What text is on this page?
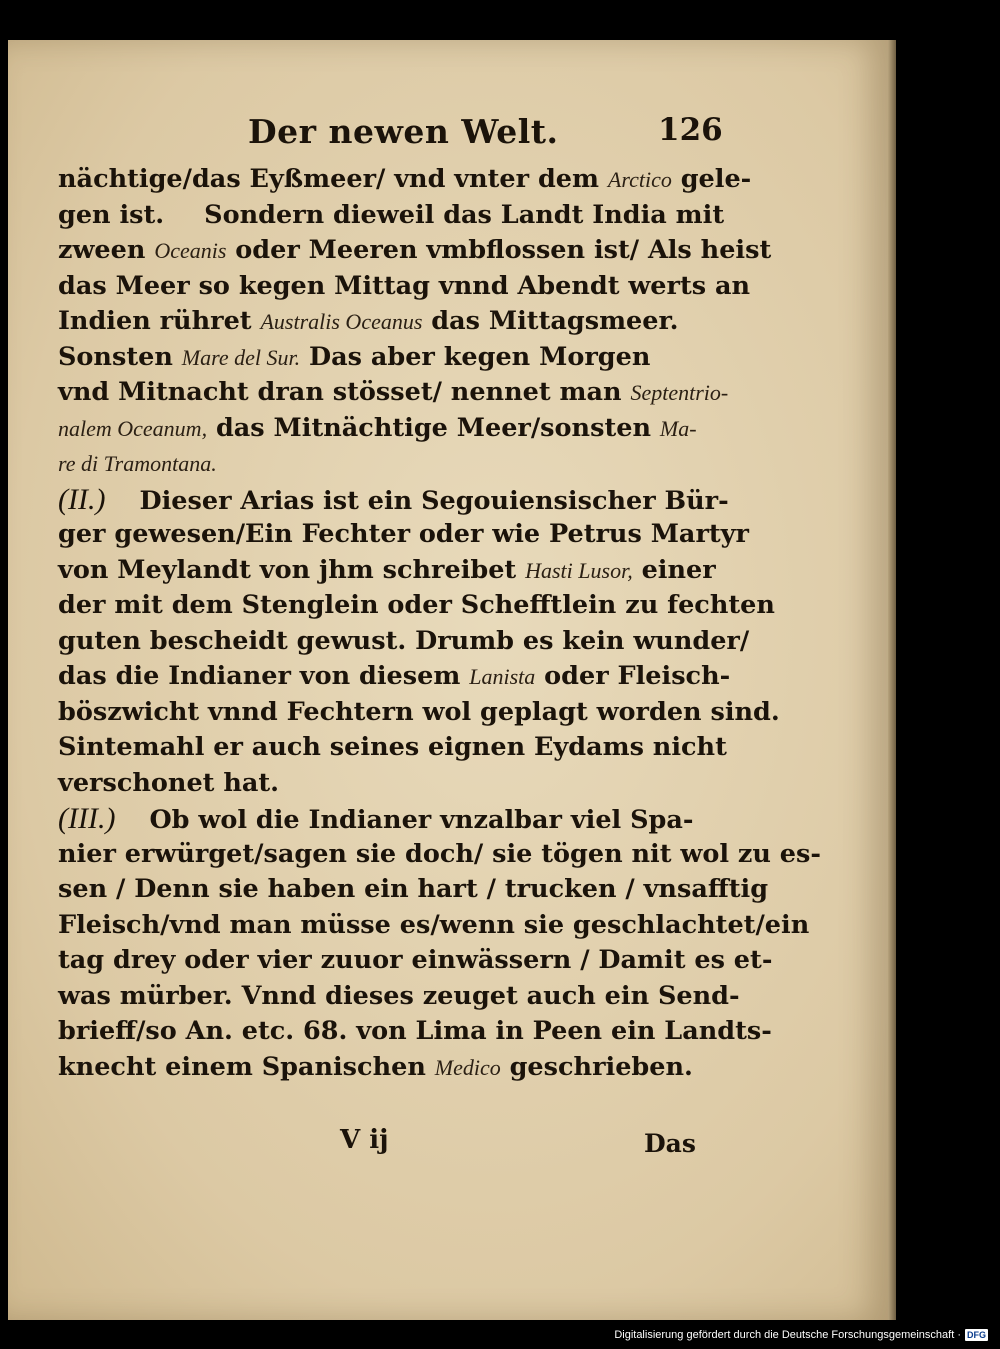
Der newen Welt.	126
nächtige/das Eyßmeer/ vnd vnter dem Arctico gele-
gen ist. Sondern dieweil das Landt India mit
zween Oceanis oder Meeren vmbflossen ist/ Als heist
das Meer so kegen Mittag vnnd Abendt werts an
Indien rühret Australis Oceanus das Mittagsmeer.
Sonsten Mare del Sur. Das aber kegen Morgen
vnd Mitnacht dran stösset/ nennet man Septentrio-
nalem Oceanum, das Mitnächtige Meer/sonsten Ma-
re di Tramontana.
(II.) Dieser Arias ist ein Segouiensischer Bür-
ger gewesen/Ein Fechter oder wie Petrus Martyr
von Meylandt von jhm schreibet Hasti Lusor, einer
der mit dem Stenglein oder Schefftlein zu fechten
guten bescheidt gewust. Drumb es kein wunder/
das die Indianer von diesem Lanista oder Fleisch-
böszwicht vnnd Fechtern wol geplagt worden sind.
Sintemahl er auch seines eignen Eydams nicht
verschonet hat.
(III.) Ob wol die Indianer vnzalbar viel Spa-
nier erwürget/sagen sie doch/ sie tögen nit wol zu es-
sen / Denn sie haben ein hart / trucken / vnsafftig
Fleisch/vnd man müsse es/wenn sie geschlachtet/ein
tag drey oder vier zuuor einwässern / Damit es et-
was mürber. Vnnd dieses zeuget auch ein Send-
brieff/so An. etc. 68. von Lima in Peen ein Landts-
knecht einem Spanischen Medico geschrieben.
V ij	Das
Digitalisierung gefördert durch die Deutsche Forschungsgemeinschaft · DFG
